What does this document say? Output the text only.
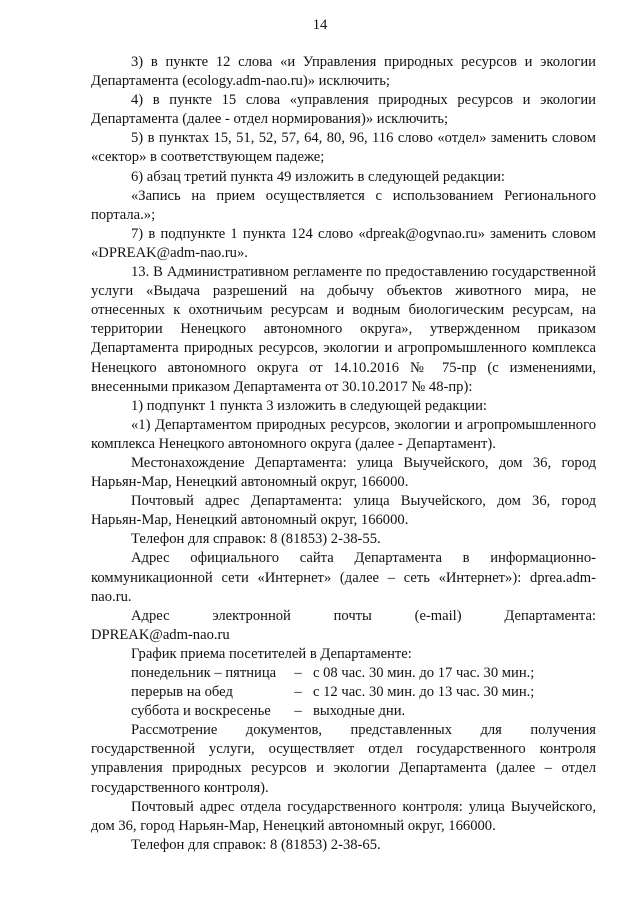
14

3) в пункте 12 слова «и Управления природных ресурсов и экологии Департамента (ecology.adm-nao.ru)» исключить;

4) в пункте 15 слова «управления природных ресурсов и экологии Департамента (далее - отдел нормирования)» исключить;

5) в пунктах 15, 51, 52, 57, 64, 80, 96, 116 слово «отдел» заменить словом «сектор» в соответствующем падеже;

6) абзац третий пункта 49 изложить в следующей редакции:

«Запись на прием осуществляется с использованием Регионального портала.»;

7) в подпункте 1 пункта 124 слово «dpreak@ogvnao.ru» заменить словом «DPREAK@adm-nao.ru».

13. В Административном регламенте по предоставлению государственной услуги «Выдача разрешений на добычу объектов животного мира, не отнесенных к охотничьим ресурсам и водным биологическим ресурсам, на территории Ненецкого автономного округа», утвержденном приказом Департамента природных ресурсов, экологии и агропромышленного комплекса Ненецкого автономного округа от 14.10.2016 № 75-пр (с изменениями, внесенными приказом Департамента от 30.10.2017 № 48-пр):

1) подпункт 1 пункта 3 изложить в следующей редакции:

«1) Департаментом природных ресурсов, экологии и агропромышленного комплекса Ненецкого автономного округа (далее - Департамент).

Местонахождение Департамента: улица Выучейского, дом 36, город Нарьян-Мар, Ненецкий автономный округ, 166000.

Почтовый адрес Департамента: улица Выучейского, дом 36, город Нарьян-Мар, Ненецкий автономный округ, 166000.

Телефон для справок: 8 (81853) 2-38-55.

Адрес официального сайта Департамента в информационно-коммуникационной сети «Интернет» (далее – сеть «Интернет»): dprea.adm-nao.ru.

Адрес электронной почты (e-mail) Департамента:

DPREAK@adm-nao.ru

График приема посетителей в Департаменте:

понедельник – пятница	– с 08 час. 30 мин. до 17 час. 30 мин.;
перерыв на обед	– с 12 час. 30 мин. до 13 час. 30 мин.;
суббота и воскресенье	– выходные дни.

Рассмотрение документов, представленных для получения государственной услуги, осуществляет отдел государственного контроля управления природных ресурсов и экологии Департамента (далее – отдел государственного контроля).

Почтовый адрес отдела государственного контроля: улица Выучейского, дом 36, город Нарьян-Мар, Ненецкий автономный округ, 166000.

Телефон для справок: 8 (81853) 2-38-65.
